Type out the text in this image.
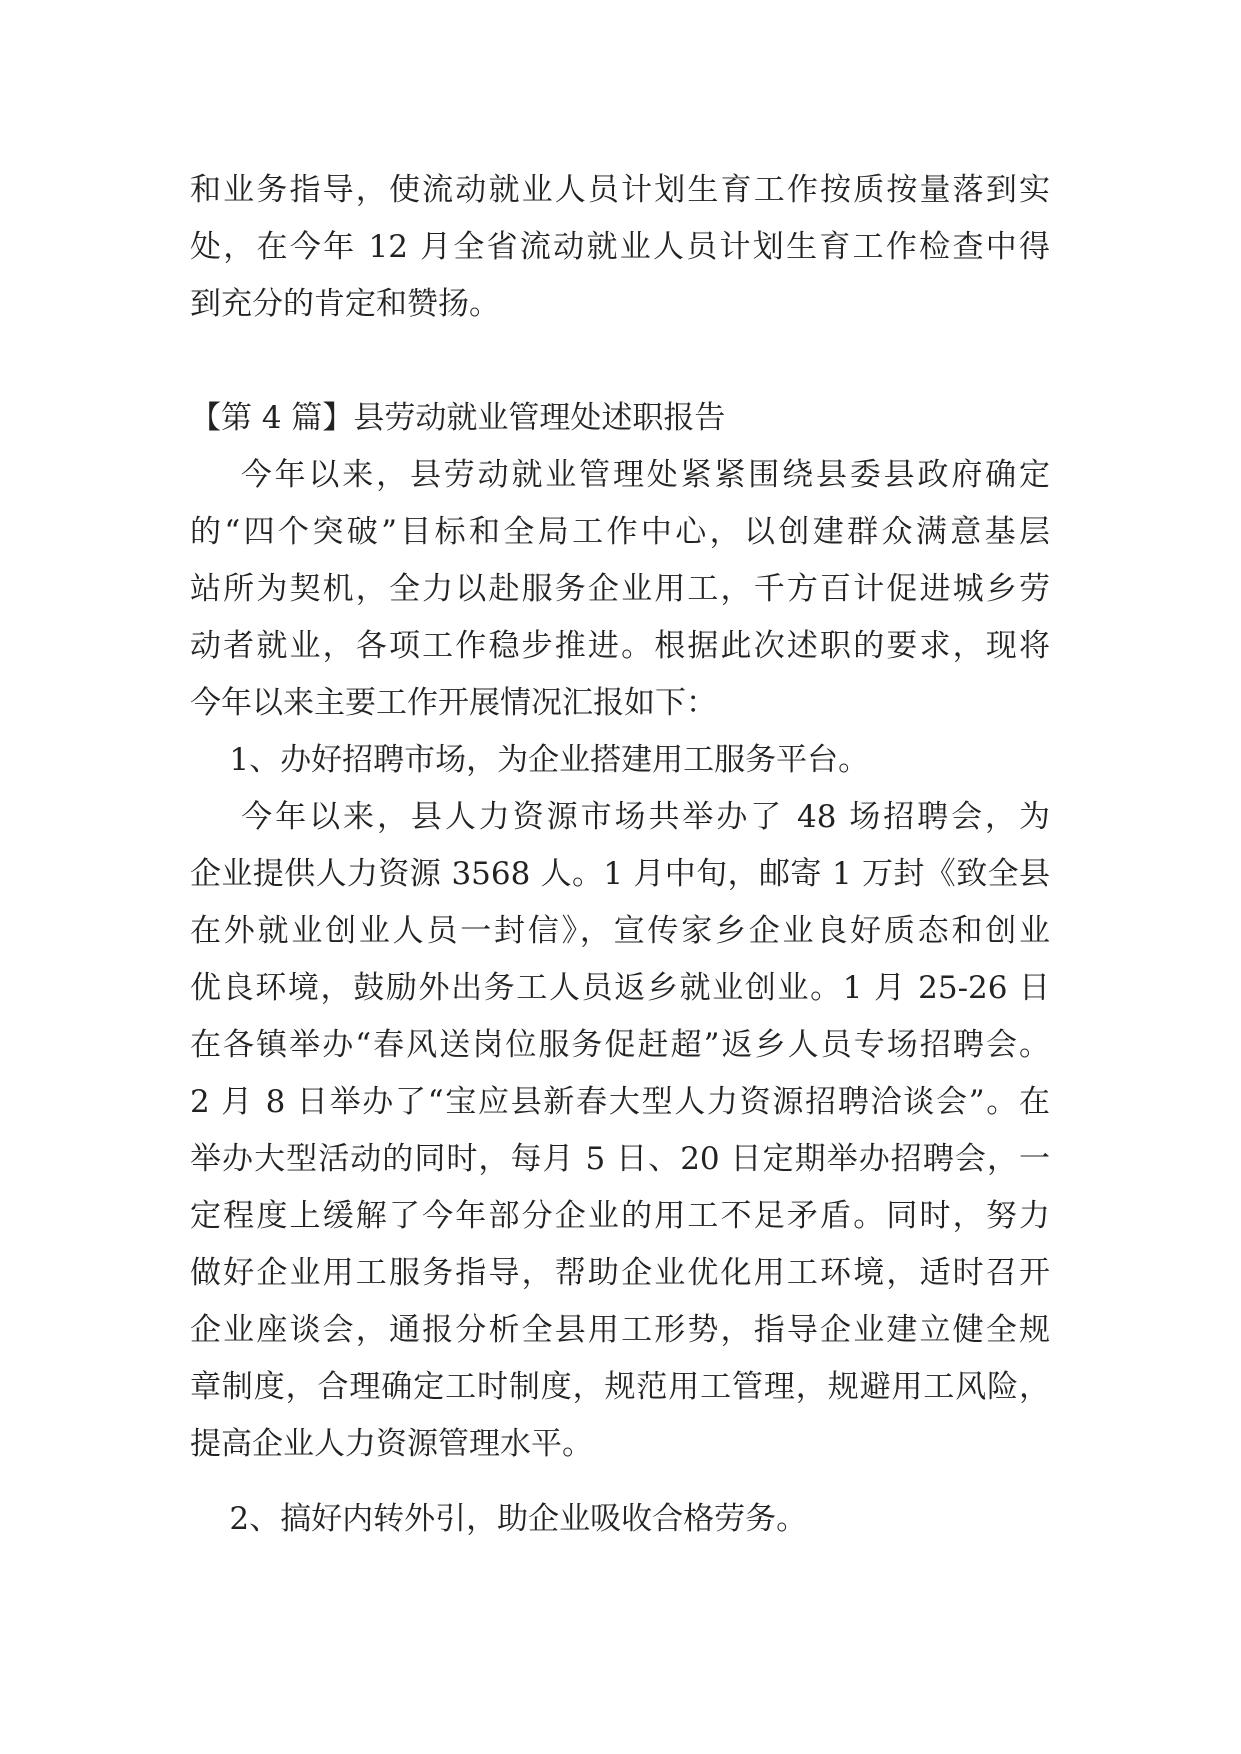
和业务指导，使流动就业人员计划生育工作按质按量落到实
处，在今年 12 月全省流动就业人员计划生育工作检查中得
到充分的肯定和赞扬。
【第 4 篇】县劳动就业管理处述职报告
今年以来，县劳动就业管理处紧紧围绕县委县政府确定
的“四个突破”目标和全局工作中心，以创建群众满意基层
站所为契机，全力以赴服务企业用工，千方百计促进城乡劳
动者就业，各项工作稳步推进。根据此次述职的要求，现将
今年以来主要工作开展情况汇报如下：
1、办好招聘市场，为企业搭建用工服务平台。
今年以来，县人力资源市场共举办了 48 场招聘会，为
企业提供人力资源 3568 人。1 月中旬，邮寄 1 万封《致全县
在外就业创业人员一封信》，宣传家乡企业良好质态和创业
优良环境，鼓励外出务工人员返乡就业创业。1 月 25-26 日
在各镇举办“春风送岗位服务促赶超”返乡人员专场招聘会。
2 月 8 日举办了“宝应县新春大型人力资源招聘洽谈会”。在
举办大型活动的同时，每月 5 日、20 日定期举办招聘会，一
定程度上缓解了今年部分企业的用工不足矛盾。同时，努力
做好企业用工服务指导，帮助企业优化用工环境，适时召开
企业座谈会，通报分析全县用工形势，指导企业建立健全规
章制度，合理确定工时制度，规范用工管理，规避用工风险，
提高企业人力资源管理水平。
2、搞好内转外引，助企业吸收合格劳务。
